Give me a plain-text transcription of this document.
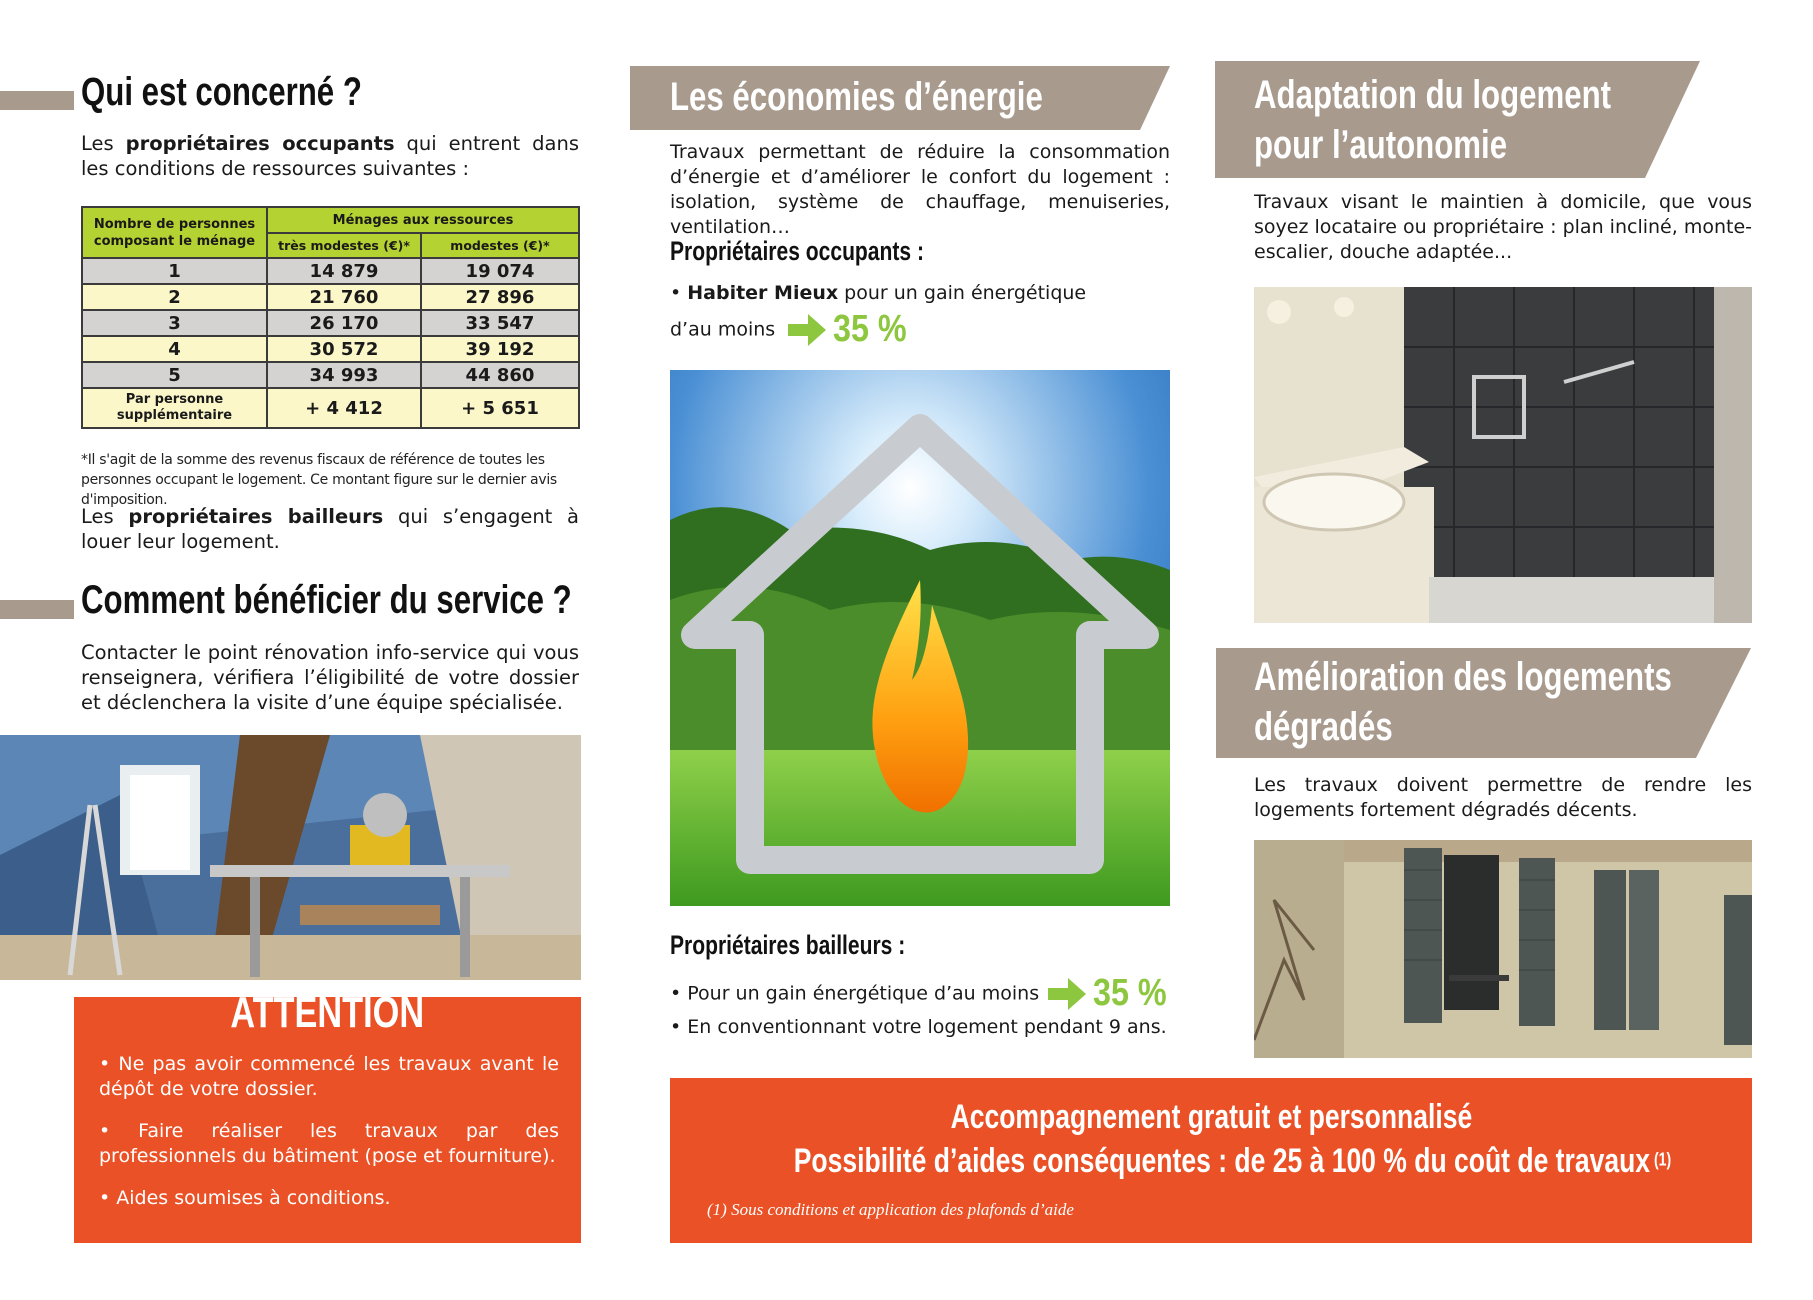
Qui est concerné ?
Les propriétaires occupants qui entrent dans les conditions de ressources suivantes :
Nombre de personnes composant le ménage	Ménages aux ressources	
	très modestes (€)*	modestes (€)*
1	14 879	19 074
2	21 760	27 896
3	26 170	33 547
4	30 572	39 192
5	34 993	44 860
Par personne supplémentaire	+ 4 412	+ 5 651
*Il s'agit de la somme des revenus fiscaux de référence de toutes les personnes occupant le logement. Ce montant figure sur le dernier avis d'imposition.
Les propriétaires bailleurs qui s’engagent à louer leur logement.
Comment bénéficier du service ?
Contacter le point rénovation info-service qui vous renseignera, vérifiera l’éligibilité de votre dossier et déclenchera la visite d’une équipe spécialisée.
ATTENTION

• Ne pas avoir commencé les travaux avant le dépôt de votre dossier.

• Faire réaliser les travaux par des professionnels du bâtiment (pose et fourniture).

• Aides soumises à conditions.

Les économies d’énergie
Travaux permettant de réduire la consommation d’énergie et d’améliorer le confort du logement : isolation, système de chauffage, menuiseries, ventilation…
Propriétaires occupants :
• Habiter Mieux pour un gain énergétique
d’au moins 35 %
Propriétaires bailleurs :
• Pour un gain énergétique d’au moins 35 %
• En conventionnant votre logement pendant 9 ans.
Adaptation du logement
pour l’autonomie
Travaux visant le maintien à domicile, que vous soyez locataire ou propriétaire : plan incliné, monte-escalier, douche adaptée...
Amélioration des logements
dégradés
Les travaux doivent permettre de rendre les logements fortement dégradés décents.
Accompagnement gratuit et personnalisé
Possibilité d’aides conséquentes : de 25 à 100 % du coût de travaux $^{(1)}$
(1) Sous conditions et application des plafonds d’aide
